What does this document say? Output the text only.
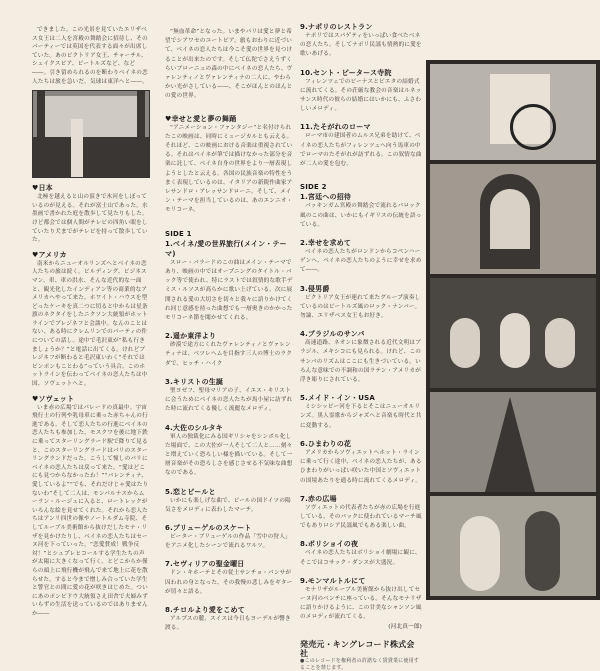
できました。この光景を見ていたエリザベス女王は二人を宮殿の舞踏会に招待し、そのパーティーでは英国を代表する面々が出席していた。あのビクトリア女王、チャーチル、シェイクスピア、ビートルズなど、など――。引き留められるのを断わりベイネの恋人たちは旅を急いだ。気球は東洋へと――。

♥日本

北極を越えると山の頂きで氷河をしぼっているのが見える。それが富士山であった。水墨画で書かれた庭を散歩して見たりもした。けど都会では個人間がテレビの四角い眼をしていたり犬までがテレビを持って散歩していた。

♥アメリカ

南米からニューオルリンズへとベイネの恋人たちの旅は続く。ビルディング、ビジネスマン、車、車の洪水、そんな近代的な一面と、観光化したインディアン等の商業的なアメリカへやって来た。ホワイト・ハウスを型どったケーキを真二つに切ると中からは星条旗のネクタイをしたニクソン大統領がホットラインでブレジネフと会談中。なんのことはない、ある時にクレムリンでのパーティの件についての話し。途中で毛沢東が“私も行きましょうか？”と電話に出てくる。けれどブレジネフが断わると毛沢東いわく“それではピンポンもことわる”っていう具合。このホットラインを伝わってベイネの恋人たちは中国、ソヴェットへと。

♥ソヴェット

いま赤の広場ではパレードの真最中。宇宙飛行士の行列や乳母車に乗った赤ちゃんの行進である。そして恋人たちの行進にベイネの恋人たちも参加した。モスクワを後に地下鉄に乗ってスターリングラード駅で降りて見ると、このスターリングラードはパリのスターリングランドだった。こうして憧しのパリにベイネの恋人たちは戻って来た。“愛はどこにも見つからなかったわ！”“バレンティナ、愛しているよ”“でも、それだけじゃ愛はたりないわ”そして二人は、モンパルナスからムーラン・ルージュに入ると、ロートレックがいろんな絵を見せてくれた。それから恋人たちはアンリ四世の像やノートルダム寺院、そしてルーブル美術館から抜けだしたモナ・リザを見かけたりし、ベイネの恋人たちはセーヌ河を下っていった。“恋愛賛成！戦争反対！”とシュプレヒコールする学生たちの声が太陽に大きくなって行く。とどこからか僅らの頭上に飛行機が飛んで来て地上に花を散らせた。すると今まで憎しみ合っていた学生と警官との間に愛の花が咲きはじめた。ついにあのポンピドウ大統領さえ田舎で夫婦みずいらずの生活を送っているのではありませんか――

“無血革命”となった。いまやパリは愛と夢と希望でシアワセのユートピア。旅もおわりに近づいて、ベイネの恋人たちは今こそ愛の世界を見つけることが出来たのです。そして仏陀でさえうずくらいブローニュの森の中にベイネの恋人たち、ヴァレンティノとヴァレンティナの二人に、やわらかい光がさしている――、そこがほんとのほんとの愛の世界。

♥幸せと愛と夢の舞踊

“アニメーション・ファンタジー”と名付けられたこの映画は、同時にミュージカルとも云える。それほど、この映画における音楽は重視されている。それはベイネが筆では描けなかった部分を音楽に託して、ベイネ自身の世界をより一層表現しようとしたと云える。各国の民族音楽の特性をうまく表現しているのは、イタリアの新鋭作曲家アレサンドロ・アレッサンドローニ。そして、メイン・テーマを担当しているのは、あのエンニオ・モリコーネ。

SIDE 1
1.ベイネ/愛の世界旅行(メイン・テーマ)

スロー・バラードのこの曲はメイン・テーマであり、映画の中ではオープニングのタイトル・バック等で使われ、特にラストでは叙情的な歌手デミス・ルソスが高らかに歌い上げている。次に展開される愛の大切さを切々と我々に語りかけてくれ同じ意感を持った曲想でも一層奥きのかかったモリコーネ節を聞かせてくれる。

2.遥か東洋より

砂漠で途方にくれたヴァレンティノとヴァレンティナは、ベツレヘムを目指す三人の博士のラクダで、ヒッチ・ハイク

3.キリストの生誕

聖ヨゼフ、聖母マリアの子、イエス・キリストに会うためにベイネの恋人たちが馬小屋に訪ずれた時に流れてくる優しく流麗なメロディ。

4.大佐のシルタキ

軍人の独裁化にみる国ギリシャをシンボル化した場面で、この大佐が一人そして二人と……刻々と増えていく恐ろしい様を描いている。そして一層音楽がその恐ろしさを感じさせる不気味な曲想なのである。

5.恋とビールと

いかにも楽しげな曲で、ビールの国ドイツの陽気さをメロディに表わしたマーチ。

6.ブリューゲルのスケート

ピーター・ブリューゲルの作品「雪中の狩人」をアニメ化したシーンで流れるワルツ。

7.セヴィリアの聖金曜日

ドン・キホーテとその従士サンチョ・パンサが囚われの身となった、その我慢の悲しみをギターが切々と語る。

8.チロルより愛をこめて

アルプスの麓、スイスは今日もヨーデルが響き渡る。

9.ナポリのレストラン

ナポリではスパゲティをいっぱい食べたベネの恋人たち。そしてナポリ民謡も情熱的に愛を歌いあげる。

10.セント・ピータース寺院

フィレンツェでのビーナスとピエタの結婚式に流れてくる。その荘厳な教会の音楽はルネッサンス時代の彼らの結婚にはいかにも、ふさわしいメロディ。

11.たそがれのローマ

ローマ市の建国者のムルス兄弟を助けて、ベイネの恋人たちがフィレンツェへ向う馬車の中でローマのたそがれが訪ずれる。この叙情な曲が二人の愛を包む。

SIDE 2
1.宮廷への招待

バッキンガム宮殿の舞踏会で流れるバロック風のこの曲は、いかにもイギリスの伝統を語っている。

2.幸せを求めて

ベイネの恋人たちがロンドンからコペンハーゲンへ、ベイネの恋人たちのように幸せを求めて――。

3.侵男爵

ビクトリア女王が連れて来たグループ演奏しているのはビートルズ風のロック・ナンバー。勿論、エリザベス女王もお好き。

4.ブラジルのサンバ

高速道路、ネオンに象徴される近代文明はブラジル、メキシコにも見られる。けれど、このサンバのリズムはここにも生きづいている。いろんな意味での不調和の国ラテン・アメリカが浮き彫りにされている。

5.メイド・イン・USA

ミシシッピー河を下るとそこはニューオルリンズ。黒人霊歌からジャズへと音楽も時代と共に変動する。

6.ひまわりの花

アメリカからソヴィエットへホット・ラインに乗って行く途中、ベイネの恋人たちが、あるひまわりがいっぱい咲いた中国とソヴィエットの国境あたりを通る時に流れてくるメロディ。

7.赤の広場

ソヴィエットの代表者たちが赤の広場を行進している。そのバックに使われているマーチ風でもありロシア民謡風でもある楽しい曲。

8.ボリショイの夜

ベイネの恋人たちはボリショイ劇場に観に、そこではコサック・ダンスが大盛況。

9.モンマルトルにて

モナリザがルーブル美術館から抜け出してセーヌ河のベンチに座っている。そんなモナリザに語りかけるように、この甘美なシャンソン風のメロディが流れてくる。

(河北真一郎)
発売元・キングレコード株式会社
●このレコードを権利者の許諾なく賃貸業に使用することを禁じます。
